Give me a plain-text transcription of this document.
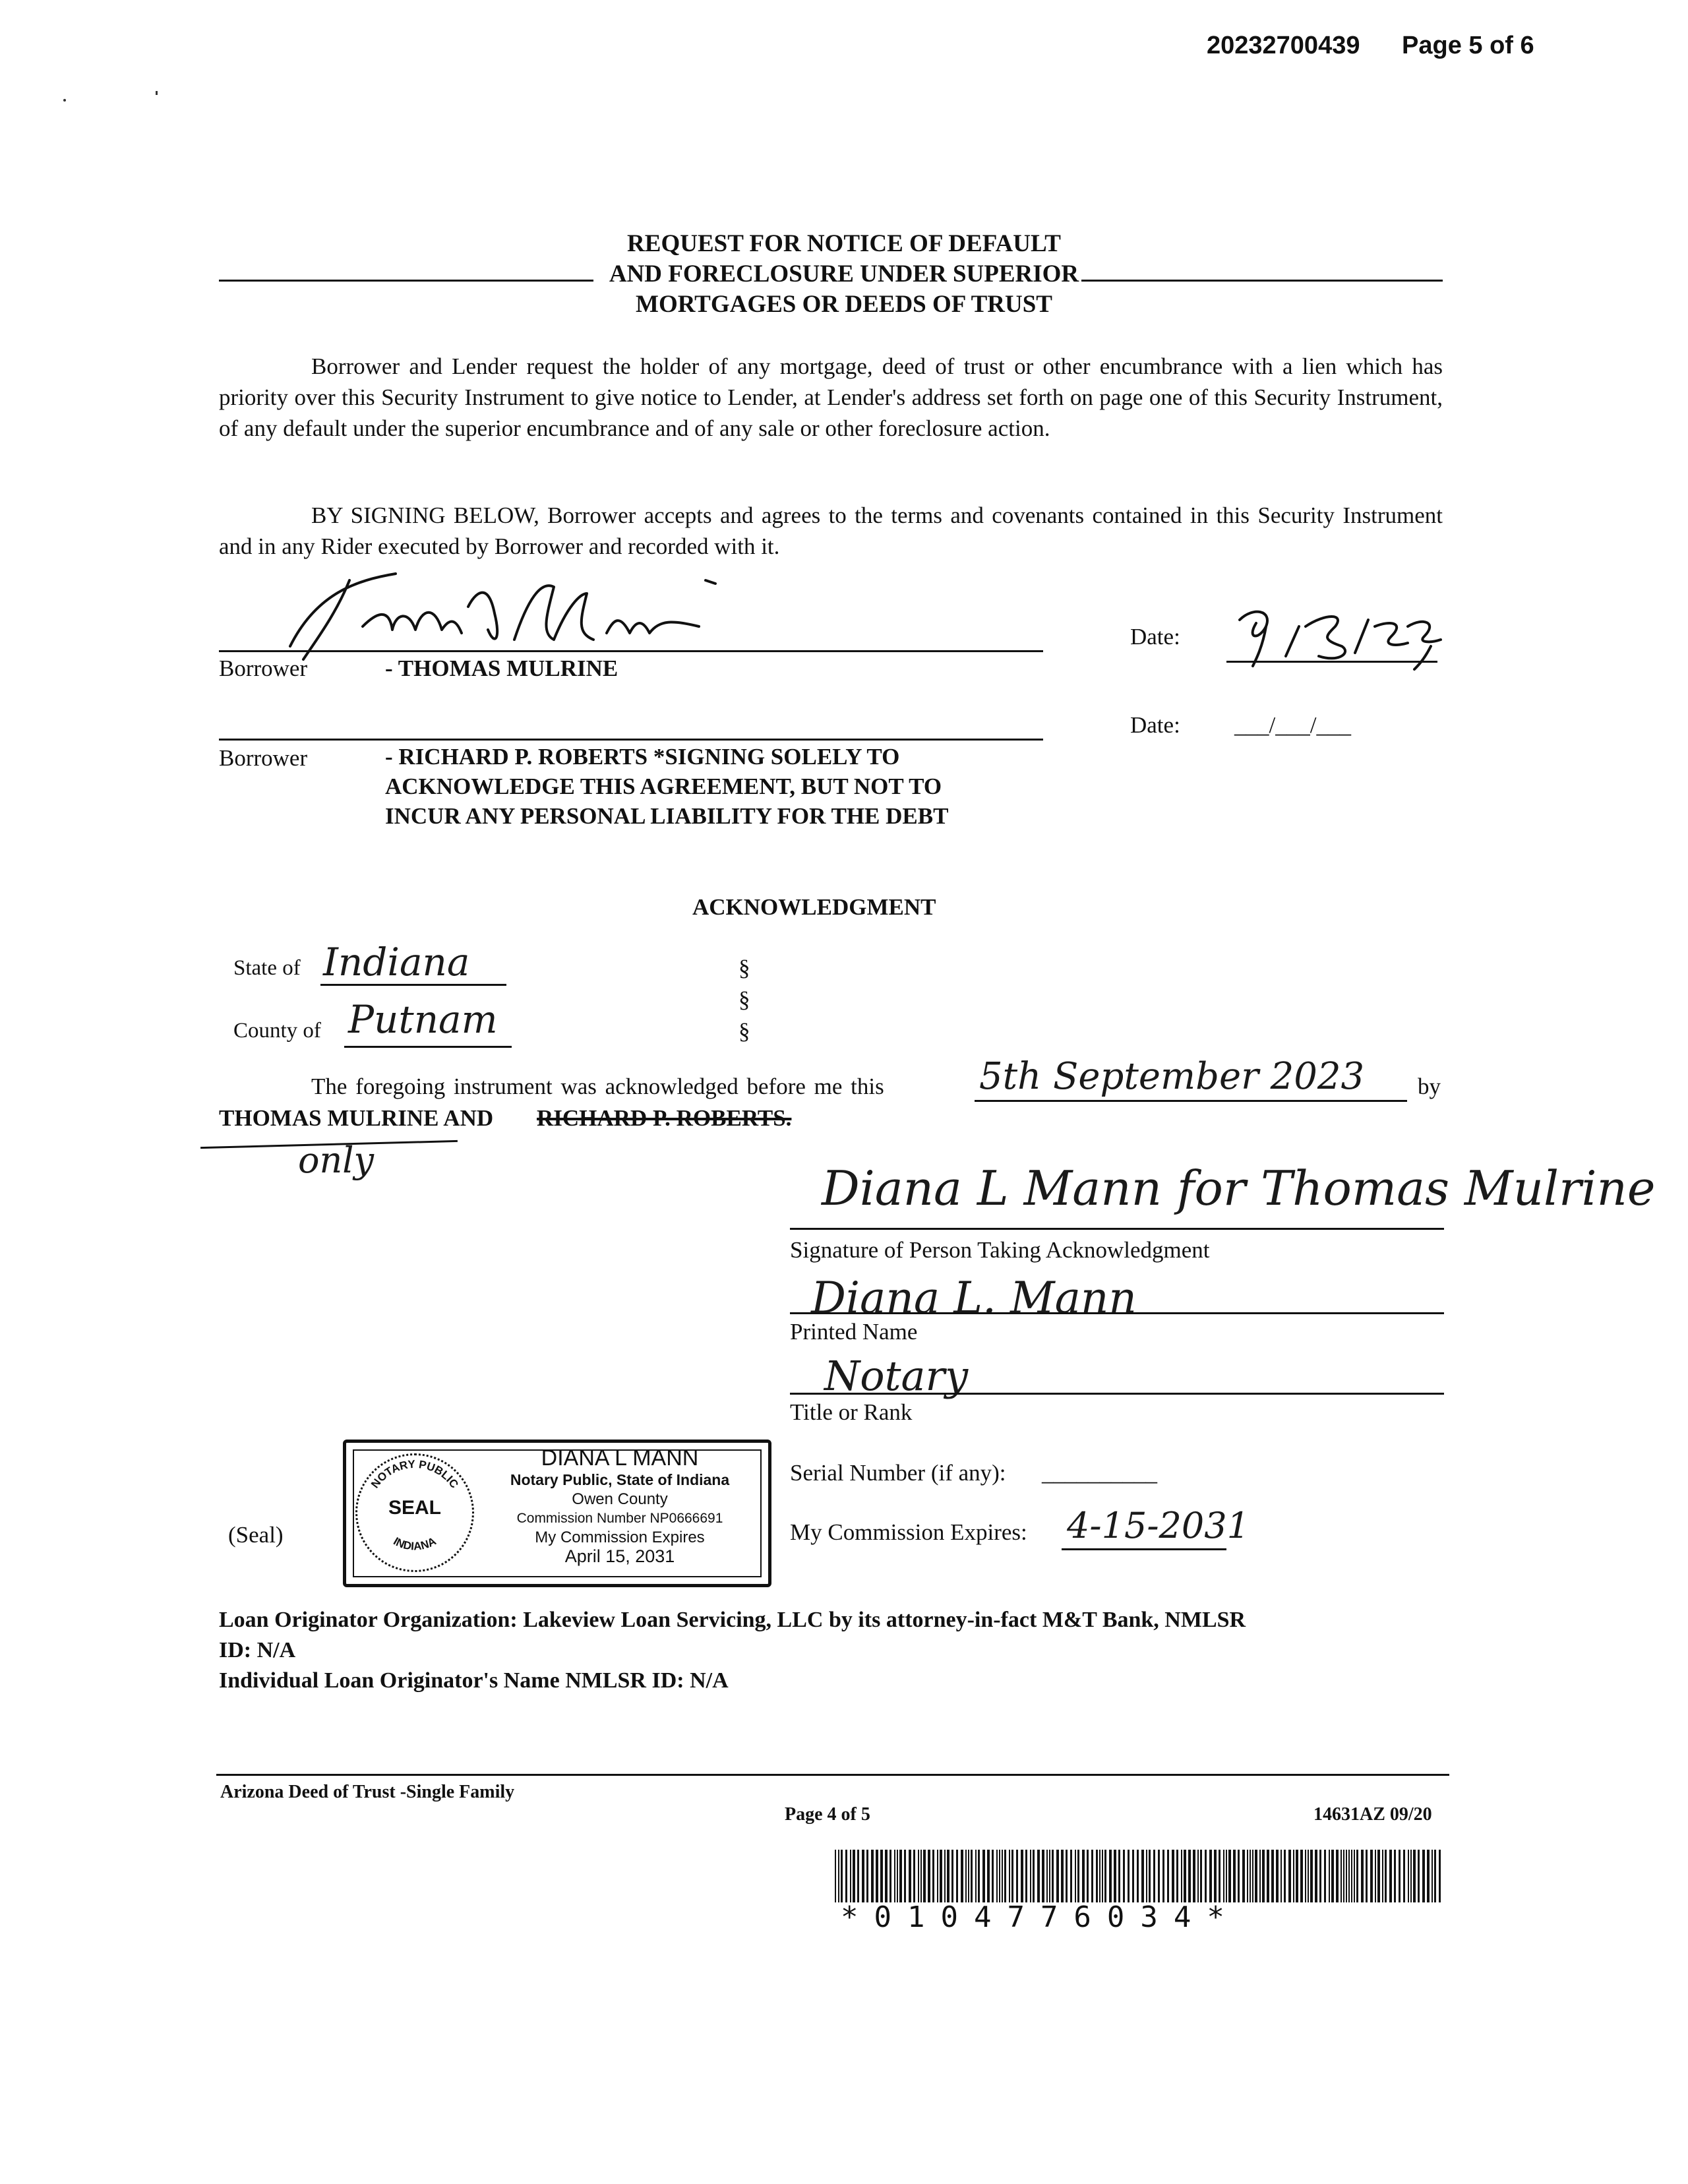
20232700439 Page 5 of 6
REQUEST FOR NOTICE OF DEFAULT
AND FORECLOSURE UNDER SUPERIOR
MORTGAGES OR DEEDS OF TRUST
Borrower and Lender request the holder of any mortgage, deed of trust or other encumbrance with a lien which has priority over this Security Instrument to give notice to Lender, at Lender's address set forth on page one of this Security Instrument, of any default under the superior encumbrance and of any sale or other foreclosure action.
BY SIGNING BELOW, Borrower accepts and agrees to the terms and covenants contained in this Security Instrument and in any Rider executed by Borrower and recorded with it.
Borrower	- THOMAS MULRINE
Date:
Date: ___/___/___
Borrower	- RICHARD P. ROBERTS *SIGNING SOLELY TO
ACKNOWLEDGE THIS AGREEMENT, BUT NOT TO
INCUR ANY PERSONAL LIABILITY FOR THE DEBT
ACKNOWLEDGMENT
State of Indiana
County of Putnam
§
§
§
The foregoing instrument was acknowledged before me this	5th September 2023 by
THOMAS MULRINE AND RICHARD P. ROBERTS.
only
Diana L Mann for Thomas Mulrine
Signature of Person Taking Acknowledgment
Diana L. Mann
Printed Name
Notary
Title or Rank
Serial Number (if any): __________
My Commission Expires: 4-15-2031
(Seal)
NOTARY PUBLIC
INDIANA
SEAL
DIANA L MANN
Notary Public, State of Indiana
Owen County
Commission Number NP0666691
My Commission Expires
April 15, 2031
Loan Originator Organization: Lakeview Loan Servicing, LLC by its attorney-in-fact M&T Bank, NMLSR
ID: N/A
Individual Loan Originator's Name NMLSR ID: N/A
Arizona Deed of Trust -Single Family
Page 4 of 5	14631AZ 09/20
*0104776034*
